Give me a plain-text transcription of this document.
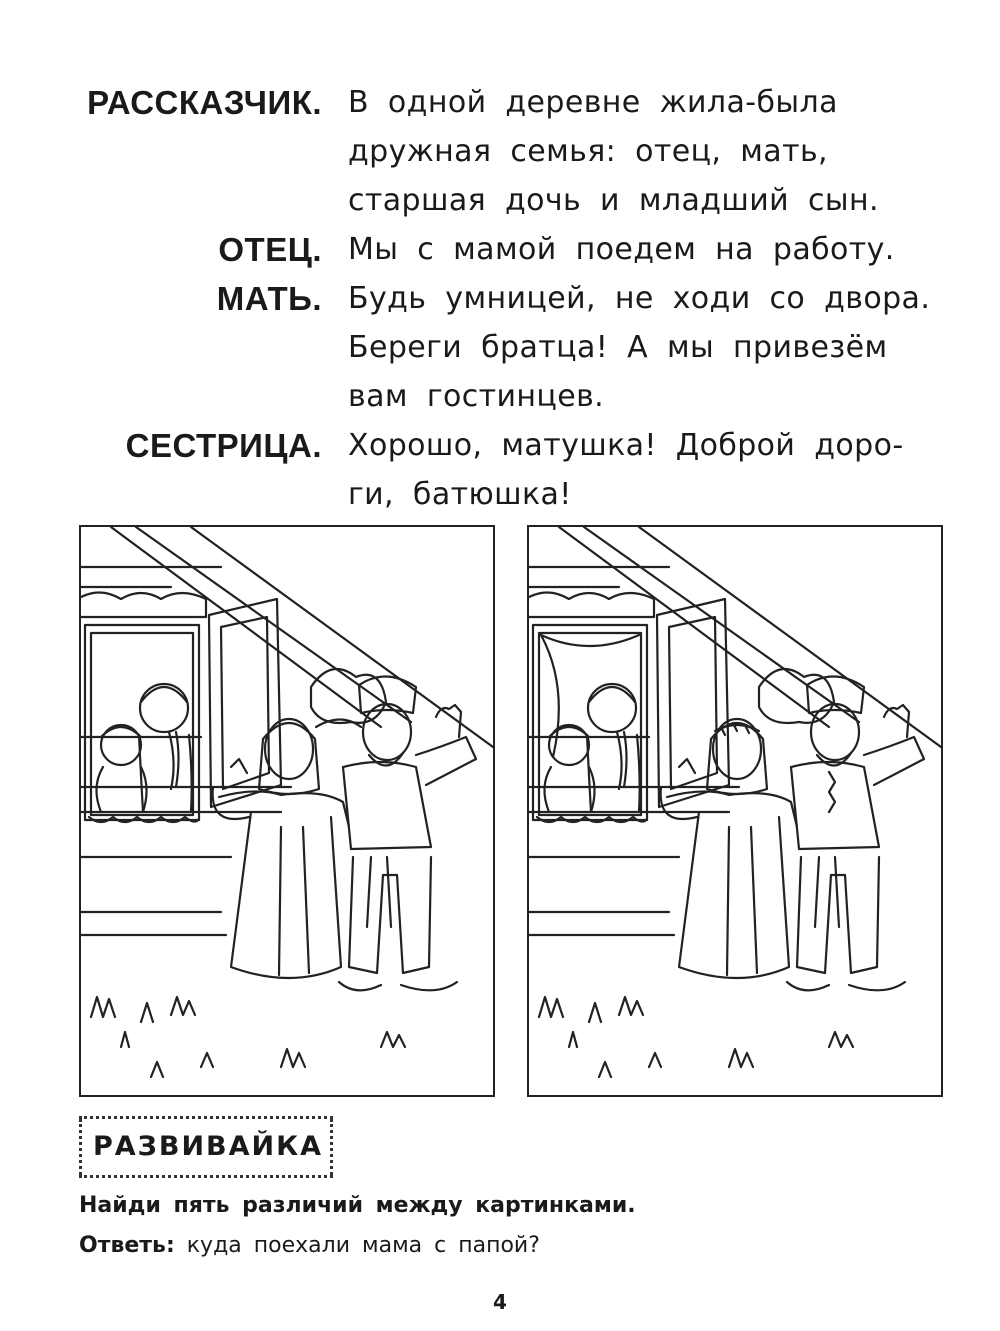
РАССКАЗЧИК. В одной деревне жила-была
дружная семья: отец, мать,
старшая дочь и младший сын.
ОТЕЦ. Мы с мамой поедем на работу.
МАТЬ. Будь умницей, не ходи со двора.
Береги братца! А мы привезём
вам гостинцев.
СЕСТРИЦА. Хорошо, матушка! Доброй доро-
ги, батюшка!
РАЗВИВАЙКА
Найди пять различий между картинками.
Ответь: куда поехали мама с папой?
4
